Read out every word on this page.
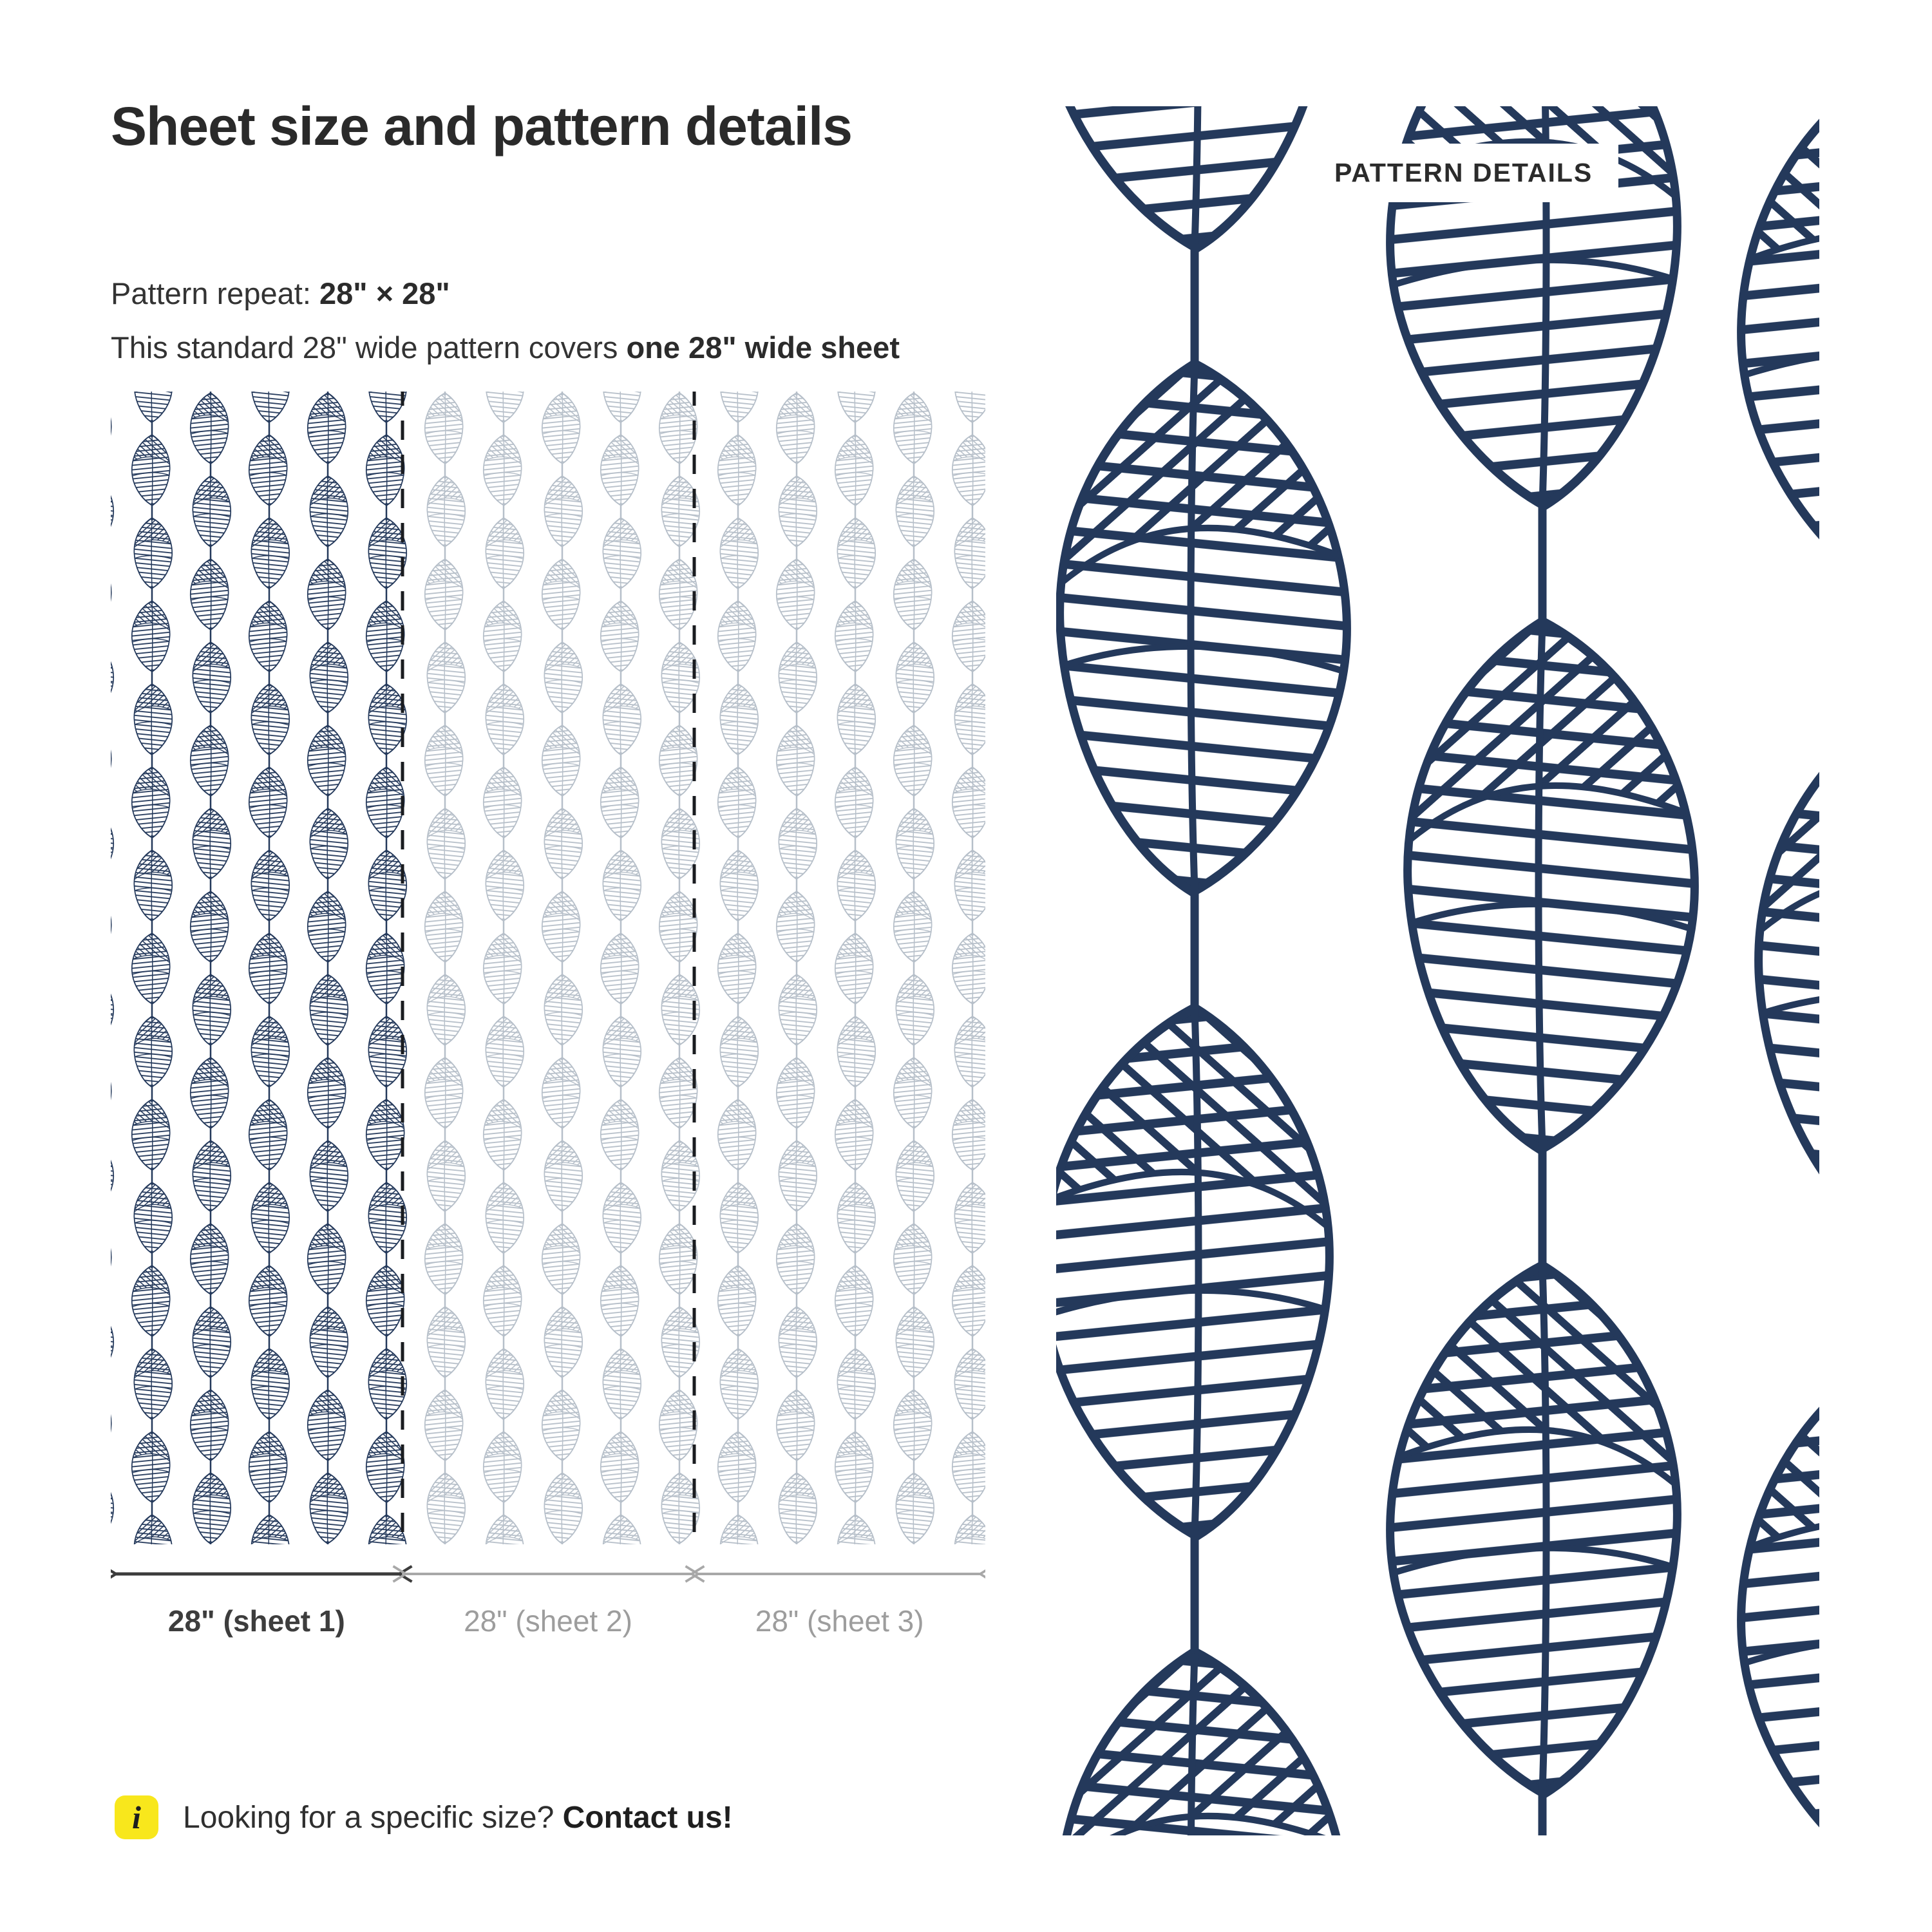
Sheet size and pattern details

Pattern repeat: 28" × 28"

This standard 28" wide pattern covers one 28" wide sheet

28" (sheet 1)	28" (sheet 2)	28" (sheet 3)
i	Looking for a specific size? Contact us!
PATTERN DETAILS
